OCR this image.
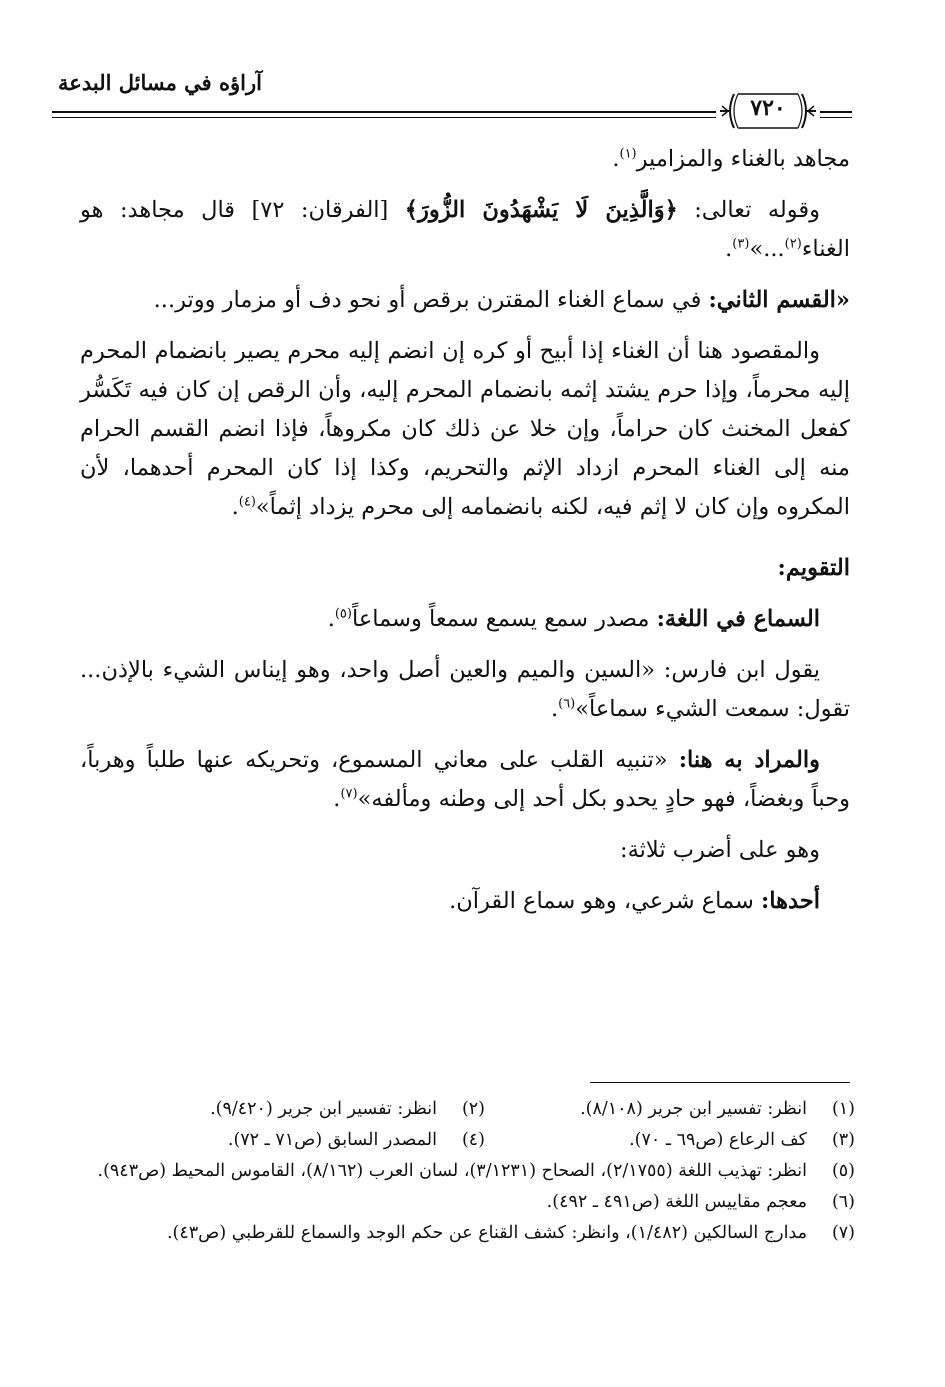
آراؤه في مسائل البدعة
٧٢٠

مجاهد بالغناء والمزامير$^{(١)}$.

وقوله تعالى: ﴿وَالَّذِينَ لَا يَشْهَدُونَ الزُّورَ﴾ [الفرقان: ٧٢] قال مجاهد: هو الغناء$^{(٢)}$...»$^{(٣)}$.

«القسم الثاني: في سماع الغناء المقترن برقص أو نحو دف أو مزمار ووتر...

والمقصود هنا أن الغناء إذا أبيح أو كره إن انضم إليه محرم يصير بانضمام المحرم إليه محرماً، وإذا حرم يشتد إثمه بانضمام المحرم إليه، وأن الرقص إن كان فيه تَكَسُّر كفعل المخنث كان حراماً، وإن خلا عن ذلك كان مكروهاً، فإذا انضم القسم الحرام منه إلى الغناء المحرم ازداد الإثم والتحريم، وكذا إذا كان المحرم أحدهما، لأن المكروه وإن كان لا إثم فيه، لكنه بانضمامه إلى محرم يزداد إثماً»$^{(٤)}$.

التقويم:

السماع في اللغة: مصدر سمع يسمع سمعاً وسماعاً$^{(٥)}$.

يقول ابن فارس: «السين والميم والعين أصل واحد، وهو إيناس الشيء بالإذن... تقول: سمعت الشيء سماعاً»$^{(٦)}$.

والمراد به هنا: «تنبيه القلب على معاني المسموع، وتحريكه عنها طلباً وهرباً، وحباً وبغضاً، فهو حادٍ يحدو بكل أحد إلى وطنه ومألفه»$^{(٧)}$.

وهو على أضرب ثلاثة:

أحدها: سماع شرعي، وهو سماع القرآن.

(١)
انظر: تفسير ابن جرير (٨/١٠٨).
(٢)
انظر: تفسير ابن جرير (٩/٤٢٠).
(٣)
كف الرعاع (ص٦٩ ـ ٧٠).
(٤)
المصدر السابق (ص٧١ ـ ٧٢).
(٥)
انظر: تهذيب اللغة (٢/١٧٥٥)، الصحاح (٣/١٢٣١)، لسان العرب (٨/١٦٢)، القاموس المحيط (ص٩٤٣).
(٦)
معجم مقاييس اللغة (ص٤٩١ ـ ٤٩٢).
(٧)
مدارج السالكين (١/٤٨٢)، وانظر: كشف القناع عن حكم الوجد والسماع للقرطبي (ص٤٣).
